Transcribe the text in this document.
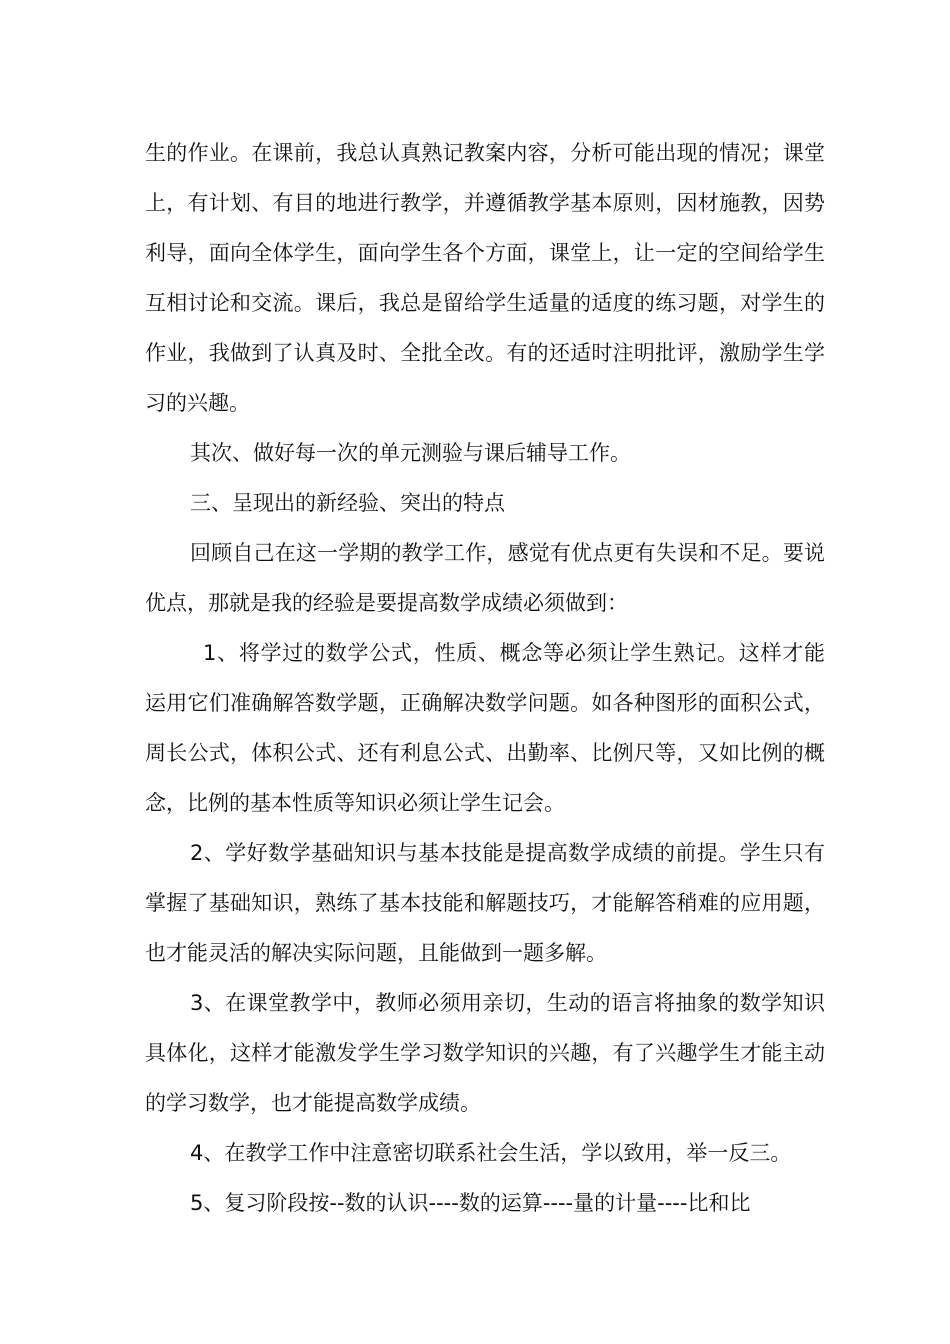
生的作业。在课前，我总认真熟记教案内容，分析可能出现的情况；课堂上，有计划、有目的地进行教学，并遵循教学基本原则，因材施教，因势利导，面向全体学生，面向学生各个方面，课堂上，让一定的空间给学生互相讨论和交流。课后，我总是留给学生适量的适度的练习题，对学生的作业，我做到了认真及时、全批全改。有的还适时注明批评，激励学生学习的兴趣。

其次、做好每一次的单元测验与课后辅导工作。

三、呈现出的新经验、突出的特点

回顾自己在这一学期的教学工作，感觉有优点更有失误和不足。要说优点，那就是我的经验是要提高数学成绩必须做到：

1、将学过的数学公式，性质、概念等必须让学生熟记。这样才能运用它们准确解答数学题，正确解决数学问题。如各种图形的面积公式，周长公式，体积公式、还有利息公式、出勤率、比例尺等，又如比例的概念，比例的基本性质等知识必须让学生记会。

2、学好数学基础知识与基本技能是提高数学成绩的前提。学生只有掌握了基础知识，熟练了基本技能和解题技巧，才能解答稍难的应用题，也才能灵活的解决实际问题，且能做到一题多解。

3、在课堂教学中，教师必须用亲切，生动的语言将抽象的数学知识具体化，这样才能激发学生学习数学知识的兴趣，有了兴趣学生才能主动的学习数学，也才能提高数学成绩。

4、在教学工作中注意密切联系社会生活，学以致用，举一反三。

5、复习阶段按--数的认识----数的运算----量的计量----比和比
